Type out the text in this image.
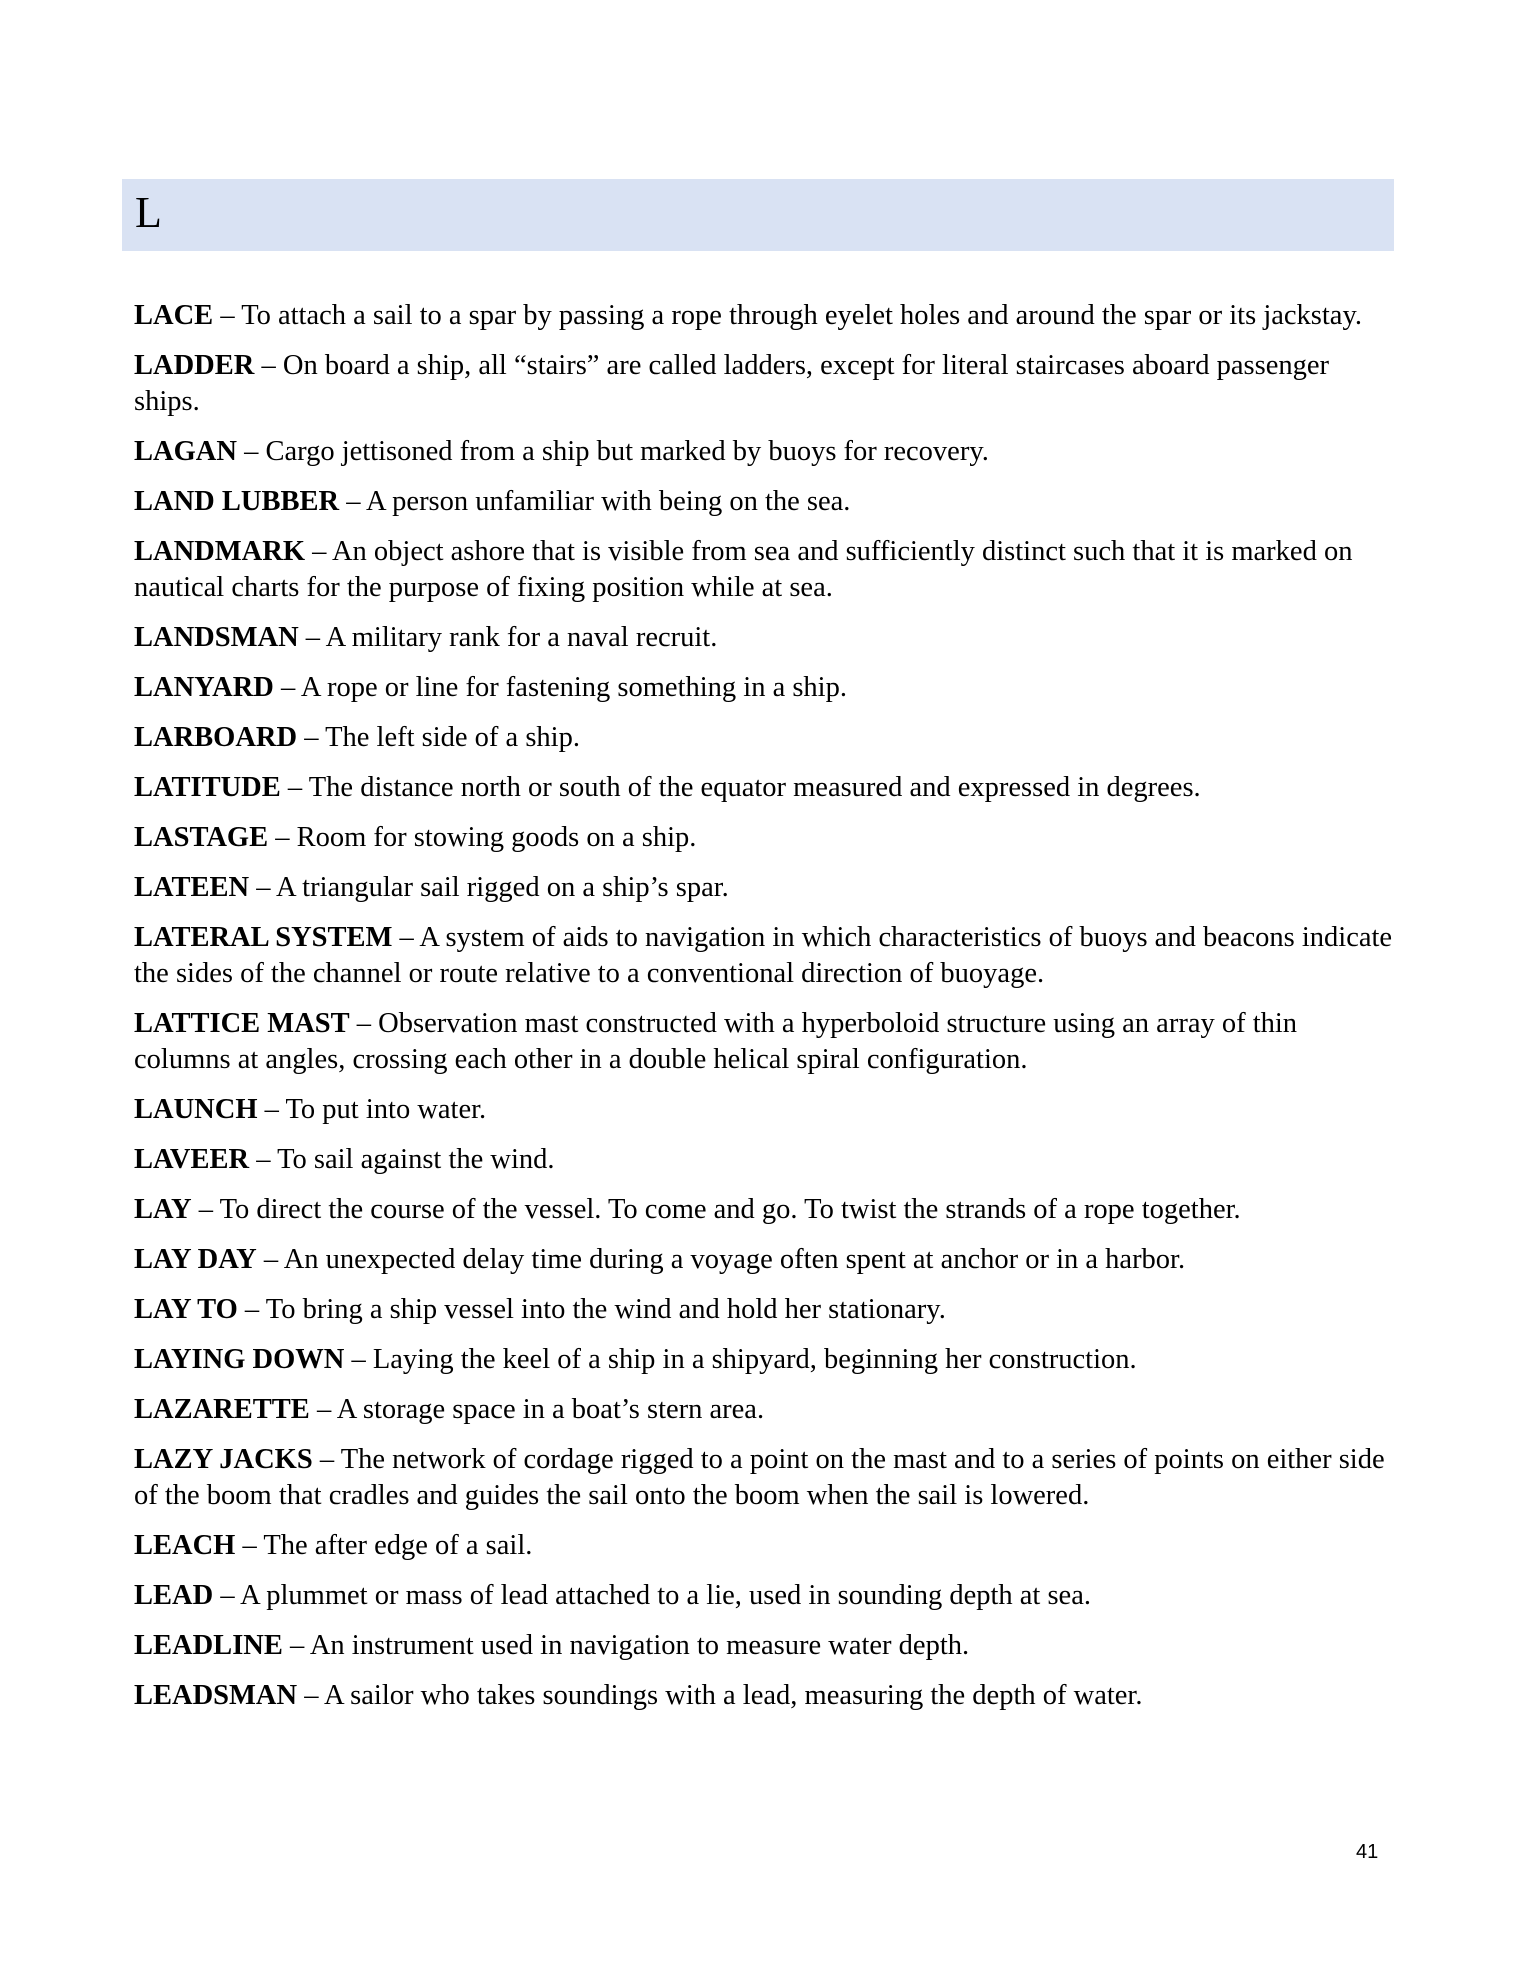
L

LACE – To attach a sail to a spar by passing a rope through eyelet holes and around the spar or its jackstay.

LADDER – On board a ship, all “stairs” are called ladders, except for literal staircases aboard passenger ships.

LAGAN – Cargo jettisoned from a ship but marked by buoys for recovery.

LAND LUBBER – A person unfamiliar with being on the sea.

LANDMARK – An object ashore that is visible from sea and sufficiently distinct such that it is marked on nautical charts for the purpose of fixing position while at sea.

LANDSMAN – A military rank for a naval recruit.

LANYARD – A rope or line for fastening something in a ship.

LARBOARD – The left side of a ship.

LATITUDE – The distance north or south of the equator measured and expressed in degrees.

LASTAGE – Room for stowing goods on a ship.

LATEEN – A triangular sail rigged on a ship’s spar.

LATERAL SYSTEM – A system of aids to navigation in which characteristics of buoys and beacons indicate the sides of the channel or route relative to a conventional direction of buoyage.

LATTICE MAST – Observation mast constructed with a hyperboloid structure using an array of thin columns at angles, crossing each other in a double helical spiral configuration.

LAUNCH – To put into water.

LAVEER – To sail against the wind.

LAY – To direct the course of the vessel. To come and go. To twist the strands of a rope together.

LAY DAY – An unexpected delay time during a voyage often spent at anchor or in a harbor.

LAY TO – To bring a ship vessel into the wind and hold her stationary.

LAYING DOWN – Laying the keel of a ship in a shipyard, beginning her construction.

LAZARETTE – A storage space in a boat’s stern area.

LAZY JACKS – The network of cordage rigged to a point on the mast and to a series of points on either side of the boom that cradles and guides the sail onto the boom when the sail is lowered.

LEACH – The after edge of a sail.

LEAD – A plummet or mass of lead attached to a lie, used in sounding depth at sea.

LEADLINE – An instrument used in navigation to measure water depth.

LEADSMAN – A sailor who takes soundings with a lead, measuring the depth of water.

41
